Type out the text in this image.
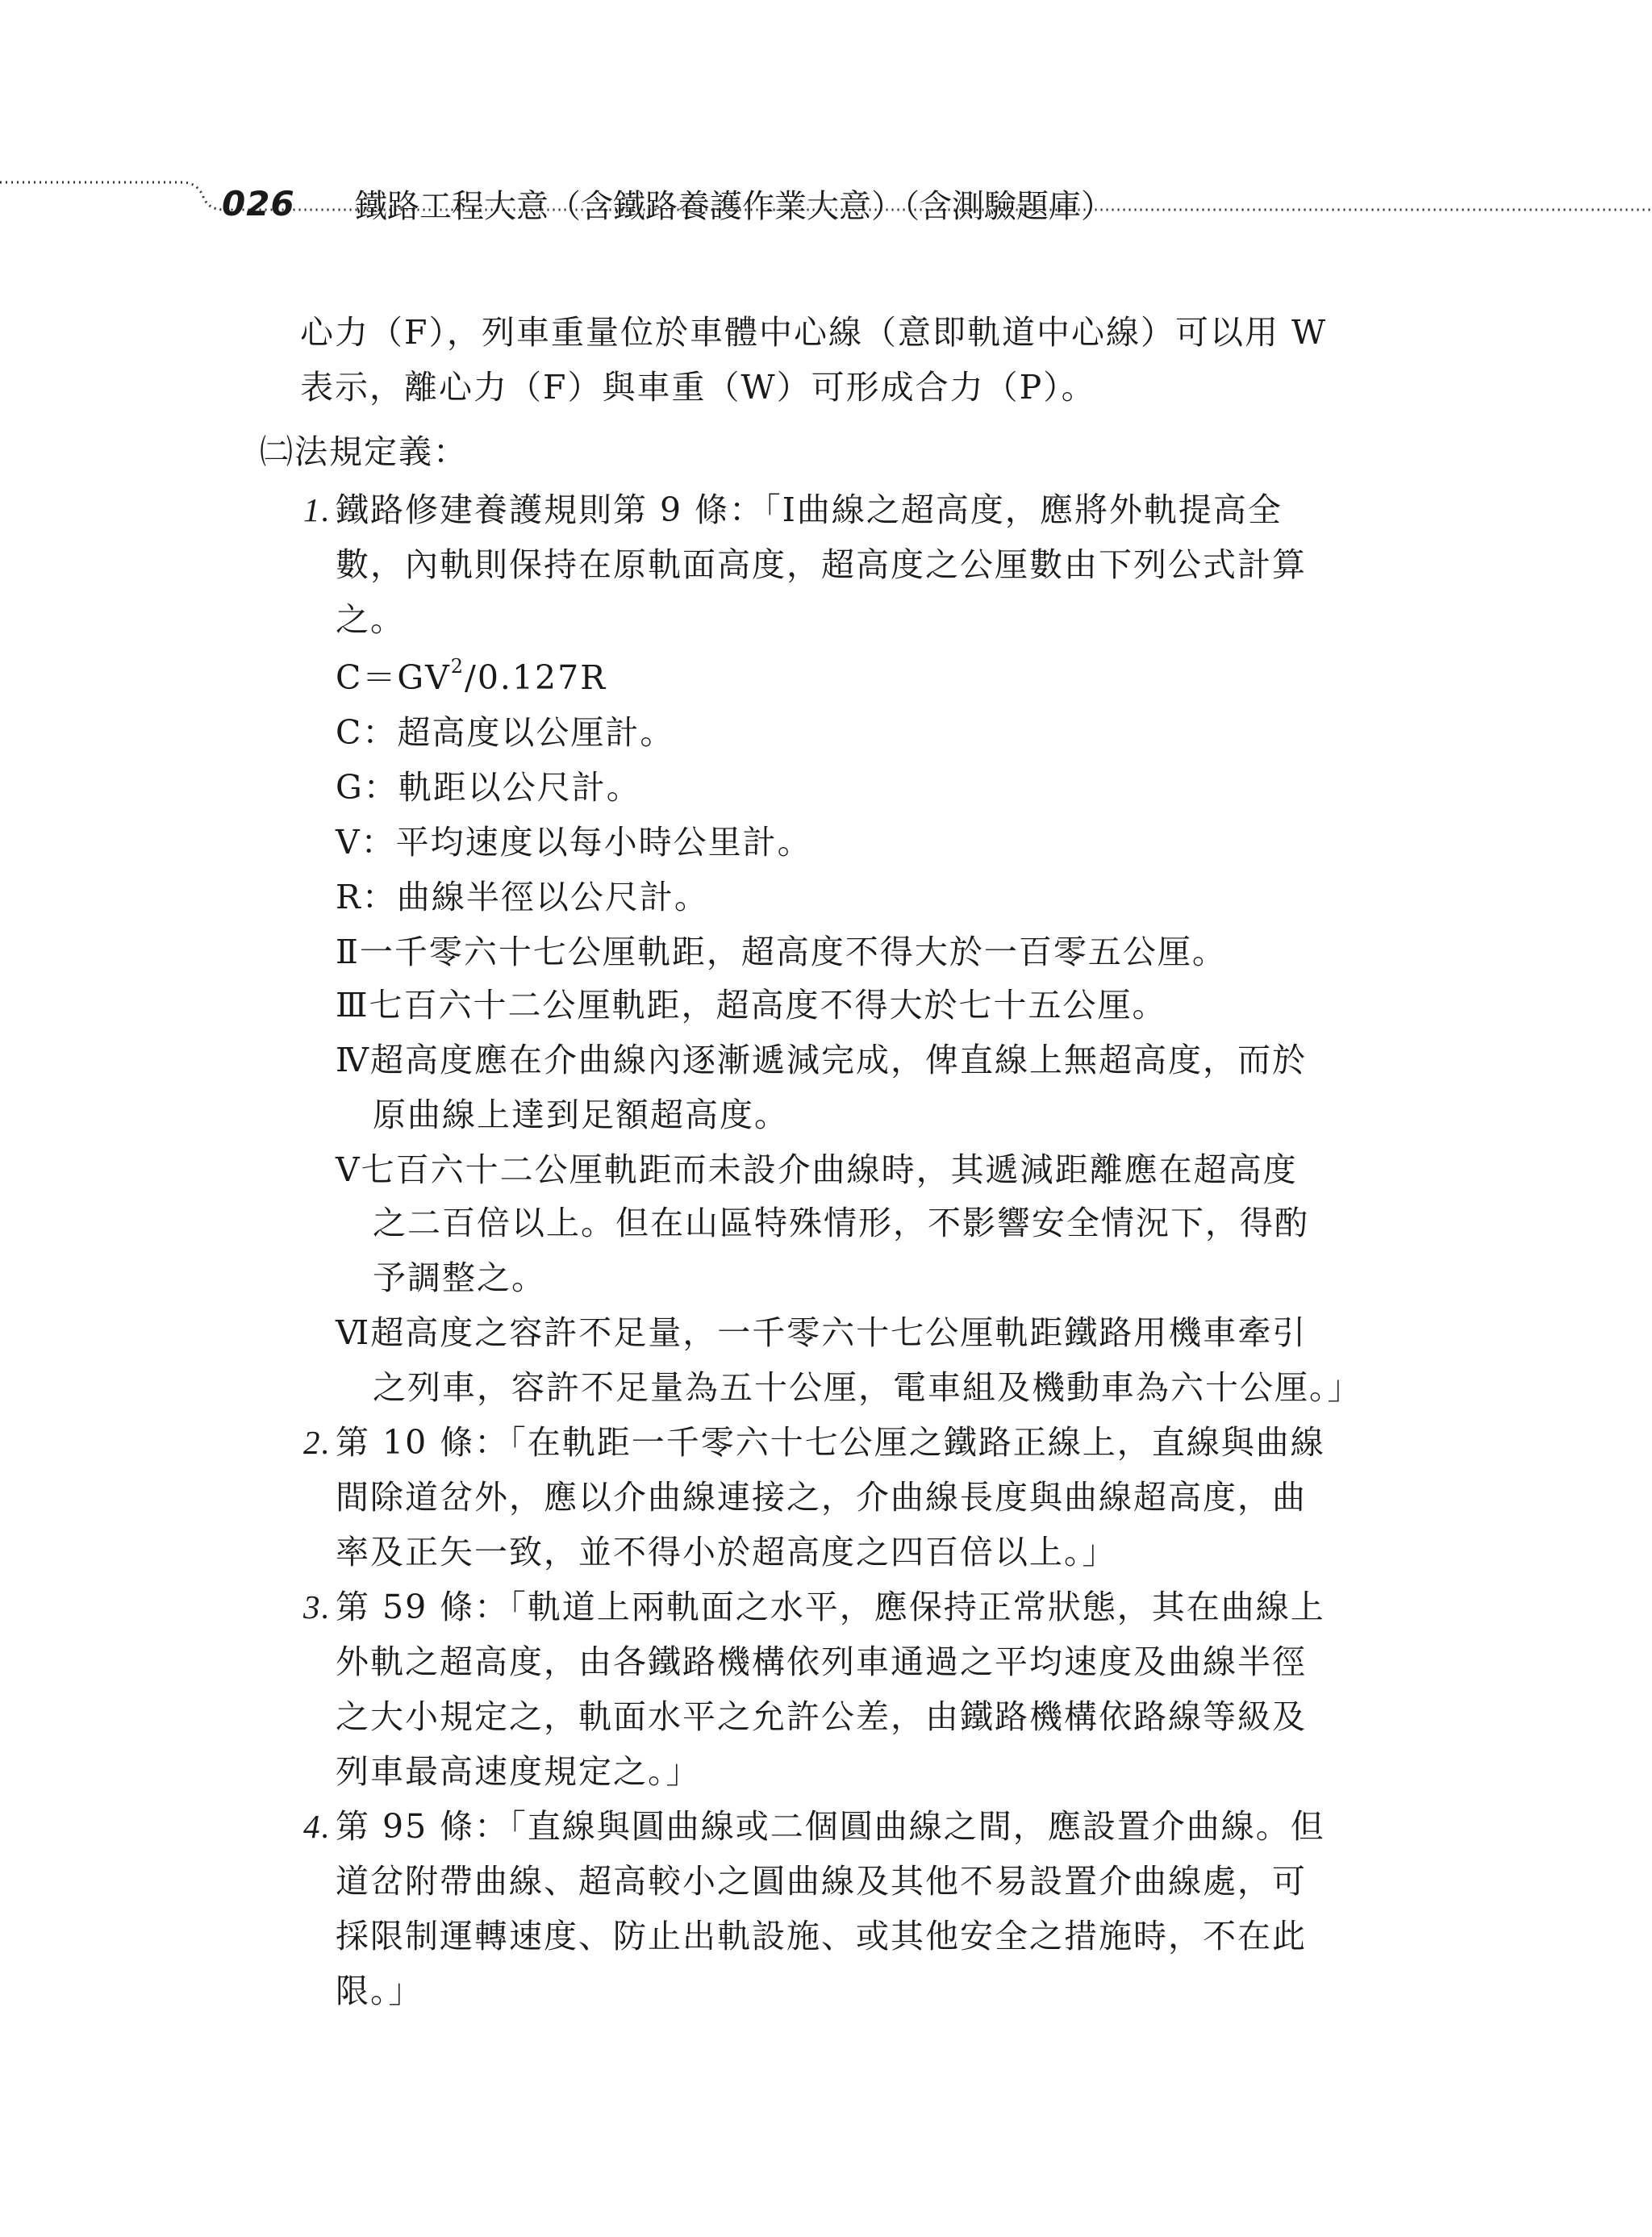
026 鐵路工程大意（含鐵路養護作業大意）（含測驗題庫）
心力（F），列車重量位於車體中心線（意即軌道中心線）可以用 W
表示，離心力（F）與車重（W）可形成合力（P）。
㈡法規定義：
1. 鐵路修建養護規則第 9 條：「Ⅰ曲線之超高度，應將外軌提高全
數，內軌則保持在原軌面高度，超高度之公厘數由下列公式計算
之。
$C=GV^2/0.127R$
C：超高度以公厘計。
G：軌距以公尺計。
V：平均速度以每小時公里計。
R：曲線半徑以公尺計。
Ⅱ一千零六十七公厘軌距，超高度不得大於一百零五公厘。
Ⅲ七百六十二公厘軌距，超高度不得大於七十五公厘。
Ⅳ超高度應在介曲線內逐漸遞減完成，俾直線上無超高度，而於
原曲線上達到足額超高度。
Ⅴ七百六十二公厘軌距而未設介曲線時，其遞減距離應在超高度
之二百倍以上。但在山區特殊情形，不影響安全情況下，得酌
予調整之。
Ⅵ超高度之容許不足量，一千零六十七公厘軌距鐵路用機車牽引
之列車，容許不足量為五十公厘，電車組及機動車為六十公厘。」
2. 第 10 條：「在軌距一千零六十七公厘之鐵路正線上，直線與曲線
間除道岔外，應以介曲線連接之，介曲線長度與曲線超高度，曲
率及正矢一致，並不得小於超高度之四百倍以上。」
3. 第 59 條：「軌道上兩軌面之水平，應保持正常狀態，其在曲線上
外軌之超高度，由各鐵路機構依列車通過之平均速度及曲線半徑
之大小規定之，軌面水平之允許公差，由鐵路機構依路線等級及
列車最高速度規定之。」
4. 第 95 條：「直線與圓曲線或二個圓曲線之間，應設置介曲線。但
道岔附帶曲線、超高較小之圓曲線及其他不易設置介曲線處，可
採限制運轉速度、防止出軌設施、或其他安全之措施時，不在此
限。」
